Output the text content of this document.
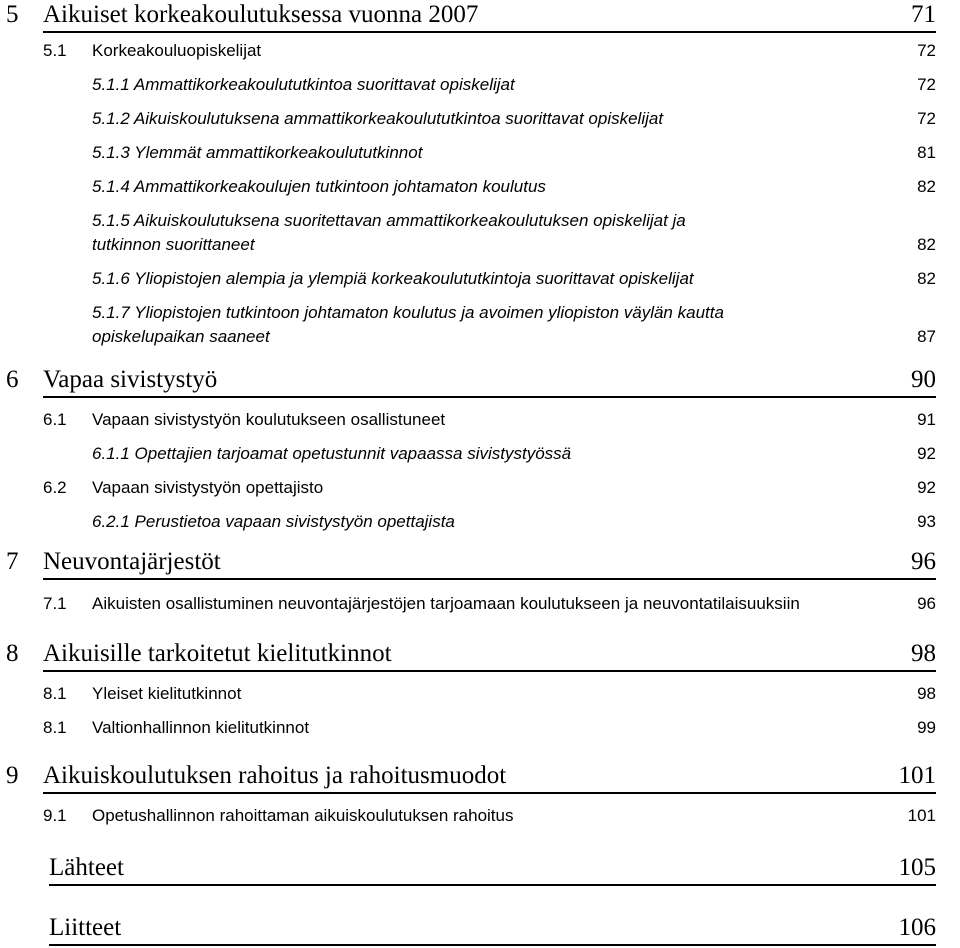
5 Aikuiset korkeakoulutuksessa vuonna 2007	71
5.1 Korkeakouluopiskelijat	72
5.1.1 Ammattikorkeakoulututkintoa suorittavat opiskelijat	72
5.1.2 Aikuiskoulutuksena ammattikorkeakoulututkintoa suorittavat opiskelijat	72
5.1.3 Ylemmät ammattikorkeakoulututkinnot	81
5.1.4 Ammattikorkeakoulujen tutkintoon johtamaton koulutus	82
5.1.5 Aikuiskoulutuksena suoritettavan ammattikorkeakoulutuksen opiskelijat ja
tutkinnon suorittaneet	82
5.1.6 Yliopistojen alempia ja ylempiä korkeakoulututkintoja suorittavat opiskelijat	82
5.1.7 Yliopistojen tutkintoon johtamaton koulutus ja avoimen yliopiston väylän kautta
opiskelupaikan saaneet	87
6 Vapaa sivistystyö	90
6.1 Vapaan sivistystyön koulutukseen osallistuneet	91
6.1.1 Opettajien tarjoamat opetustunnit vapaassa sivistystyössä	92
6.2 Vapaan sivistystyön opettajisto	92
6.2.1 Perustietoa vapaan sivistystyön opettajista	93
7 Neuvontajärjestöt	96
7.1 Aikuisten osallistuminen neuvontajärjestöjen tarjoamaan koulutukseen ja neuvontatilaisuuksiin	96
8 Aikuisille tarkoitetut kielitutkinnot	98
8.1 Yleiset kielitutkinnot	98
8.1 Valtionhallinnon kielitutkinnot	99
9 Aikuiskoulutuksen rahoitus ja rahoitusmuodot	101
9.1 Opetushallinnon rahoittaman aikuiskoulutuksen rahoitus	101
Lähteet	105
Liitteet	106
